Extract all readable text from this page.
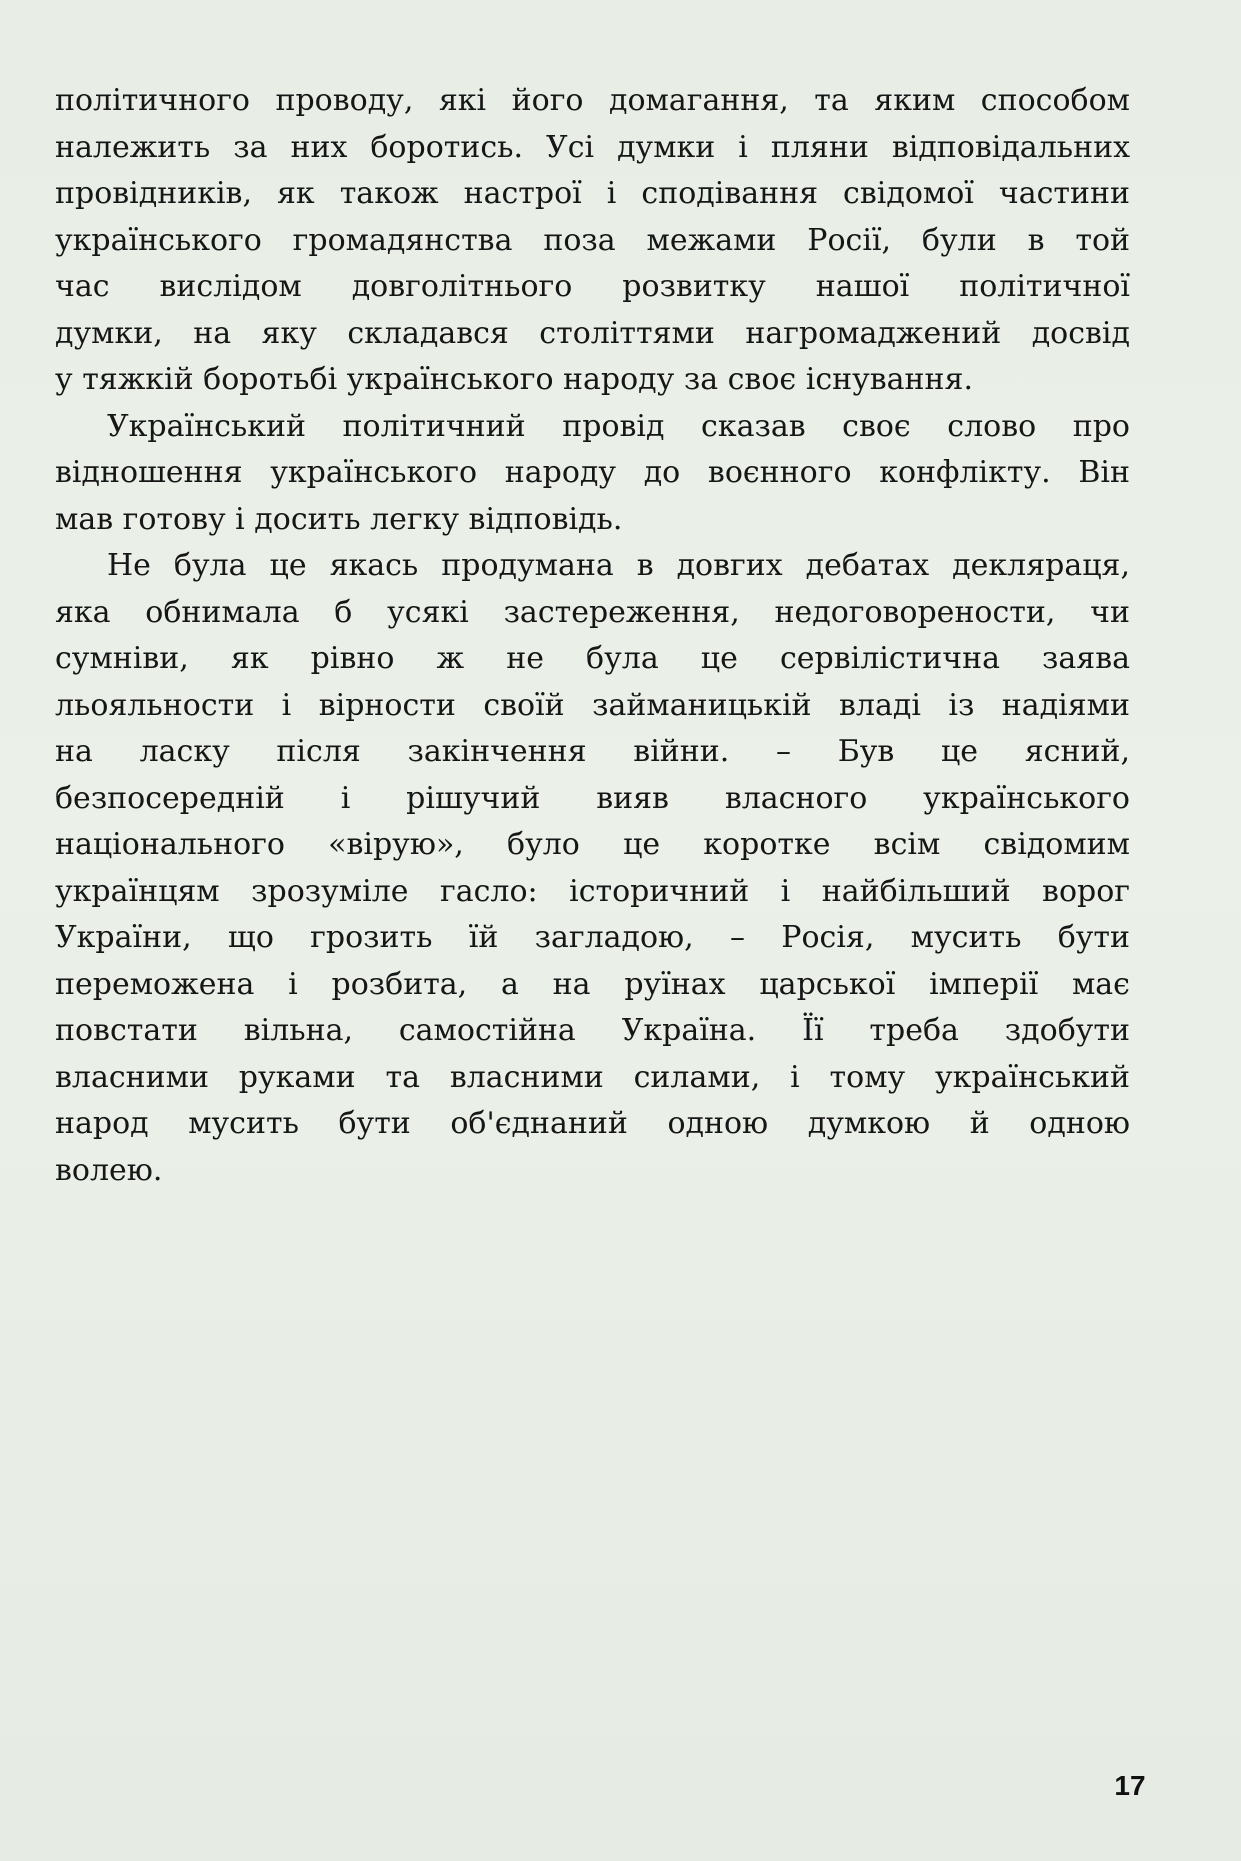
політичного проводу, які його домагання, та яким способом
належить за них боротись. Усі думки і пляни відповідальних
провідників, як також настрої і сподівання свідомої частини
українського громадянства поза межами Росії, були в той
час вислідом довголітнього розвитку нашої політичної
думки, на яку складався століттями нагромаджений досвід
у тяжкій боротьбі українського народу за своє існування.
Український політичний провід сказав своє слово про
відношення українського народу до воєнного конфлікту. Він
мав готову і досить легку відповідь.
Не була це якась продумана в довгих дебатах декляраця,
яка обнимала б усякі застереження, недоговорености, чи
сумніви, як рівно ж не була це сервілістична заява
льояльности і вірности своїй займаницькій владі із надіями
на ласку після закінчення війни. – Був це ясний,
безпосередній і рішучий вияв власного українського
національного «вірую», було це коротке всім свідомим
українцям зрозуміле гасло: історичний і найбільший ворог
України, що грозить їй загладою, – Росія, мусить бути
переможена і розбита, а на руїнах царської імперії має
повстати вільна, самостійна Україна. Її треба здобути
власними руками та власними силами, і тому український
народ мусить бути об'єднаний одною думкою й одною
волею.
17
